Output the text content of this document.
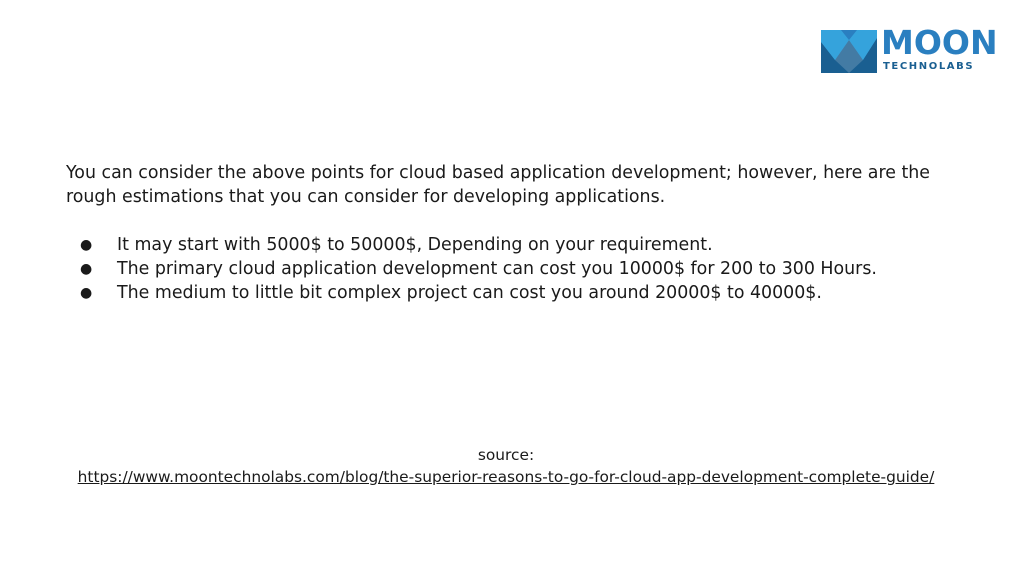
MOON
TECHNOLABS

You can consider the above points for cloud based application development; however, here are the rough estimations that you can consider for developing applications.

● It may start with 5000$ to 50000$, Depending on your requirement.
● The primary cloud application development can cost you 10000$ for 200 to 300 Hours.
● The medium to little bit complex project can cost you around 20000$ to 40000$.
source:
https://www.moontechnolabs.com/blog/the-superior-reasons-to-go-for-cloud-app-development-complete-guide/
